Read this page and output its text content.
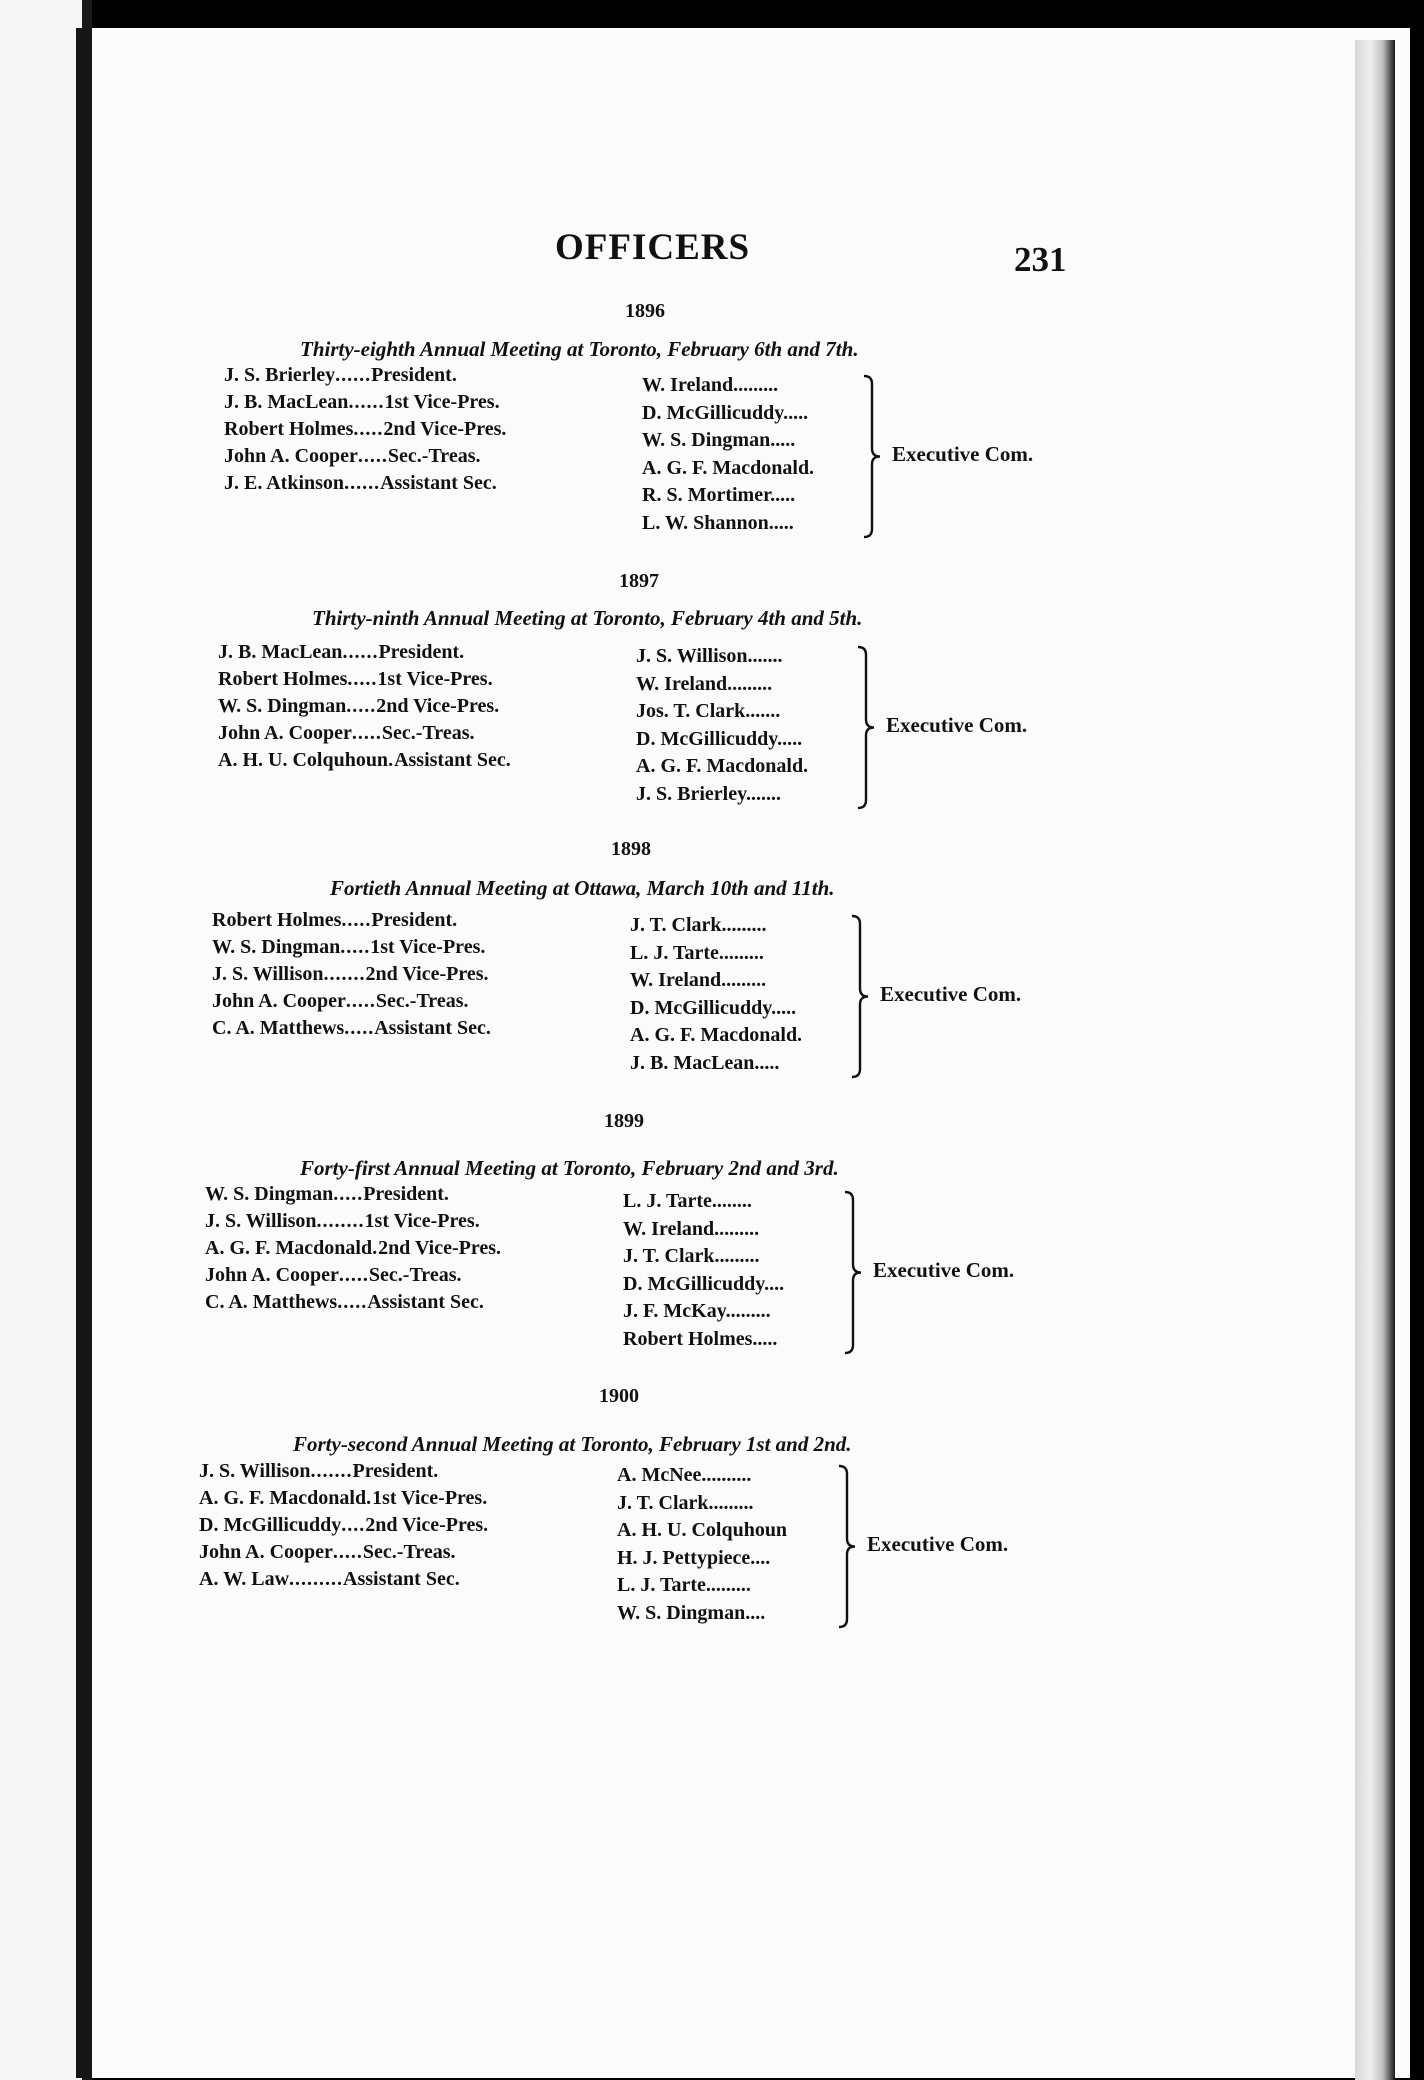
OFFICERS	231
1896
Thirty-eighth Annual Meeting at Toronto, February 6th and 7th.
J. S. Brierley......President.
J. B. MacLean......1st Vice-Pres.
Robert Holmes.....2nd Vice-Pres.
John A. Cooper.....Sec.-Treas.
J. E. Atkinson......Assistant Sec.
W. Ireland.........
D. McGillicuddy.....
W. S. Dingman.....
A. G. F. Macdonald.
R. S. Mortimer.....
L. W. Shannon.....
Executive Com.
1897
Thirty-ninth Annual Meeting at Toronto, February 4th and 5th.
J. B. MacLean......President.
Robert Holmes.....1st Vice-Pres.
W. S. Dingman.....2nd Vice-Pres.
John A. Cooper.....Sec.-Treas.
A. H. U. Colquhoun.Assistant Sec.
J. S. Willison.......
W. Ireland.........
Jos. T. Clark.......
D. McGillicuddy.....
A. G. F. Macdonald.
J. S. Brierley.......
Executive Com.
1898
Fortieth Annual Meeting at Ottawa, March 10th and 11th.
Robert Holmes.....President.
W. S. Dingman.....1st Vice-Pres.
J. S. Willison.......2nd Vice-Pres.
John A. Cooper.....Sec.-Treas.
C. A. Matthews.....Assistant Sec.
J. T. Clark.........
L. J. Tarte.........
W. Ireland.........
D. McGillicuddy.....
A. G. F. Macdonald.
J. B. MacLean.....
Executive Com.
1899
Forty-first Annual Meeting at Toronto, February 2nd and 3rd.
W. S. Dingman.....President.
J. S. Willison........1st Vice-Pres.
A. G. F. Macdonald.2nd Vice-Pres.
John A. Cooper.....Sec.-Treas.
C. A. Matthews.....Assistant Sec.
L. J. Tarte........
W. Ireland.........
J. T. Clark.........
D. McGillicuddy....
J. F. McKay.........
Robert Holmes.....
Executive Com.
1900
Forty-second Annual Meeting at Toronto, February 1st and 2nd.
J. S. Willison.......President.
A. G. F. Macdonald.1st Vice-Pres.
D. McGillicuddy....2nd Vice-Pres.
John A. Cooper.....Sec.-Treas.
A. W. Law.........Assistant Sec.
A. McNee..........
J. T. Clark.........
A. H. U. Colquhoun
H. J. Pettypiece....
L. J. Tarte.........
W. S. Dingman....
Executive Com.
